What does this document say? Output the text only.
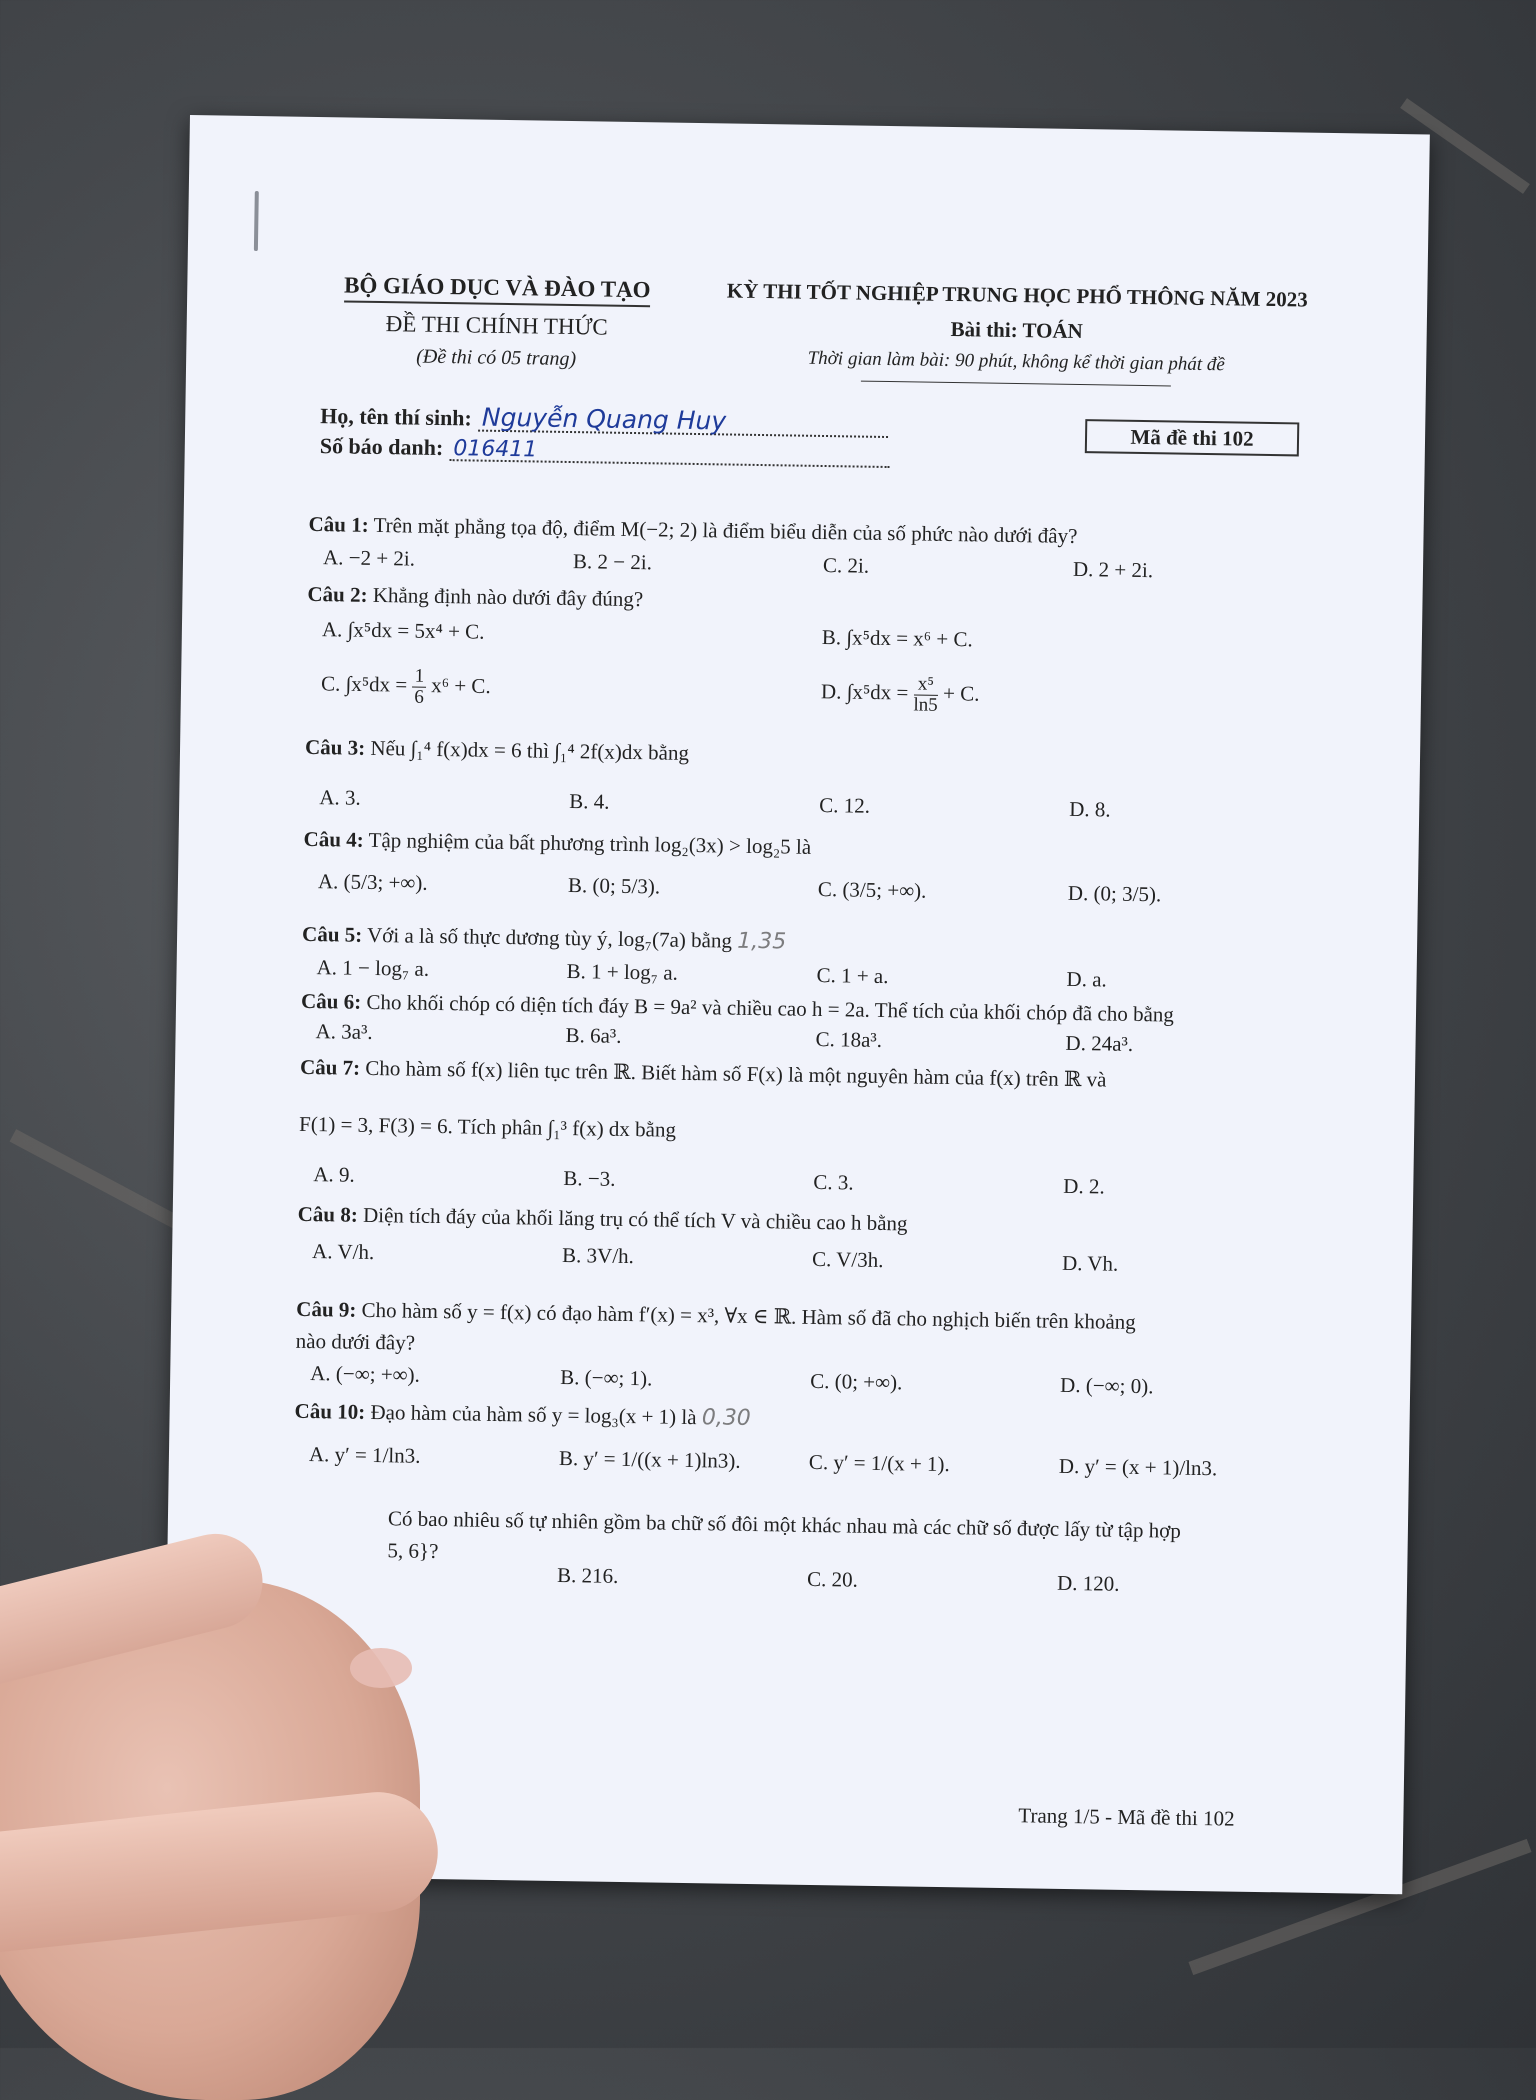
BỘ GIÁO DỤC VÀ ĐÀO TẠO
ĐỀ THI CHÍNH THỨC
(Đề thi có 05 trang)
KỲ THI TỐT NGHIỆP TRUNG HỌC PHỔ THÔNG NĂM 2023
Bài thi: TOÁN
Thời gian làm bài: 90 phút, không kể thời gian phát đề
Họ, tên thí sinh: Nguyễn Quang Huy
Số báo danh: 016411	Mã đề thi 102
Câu 1: Trên mặt phẳng tọa độ, điểm M(−2; 2) là điểm biểu diễn của số phức nào dưới đây?
A. −2 + 2i.	B. 2 − 2i.	C. 2i.	D. 2 + 2i.
Câu 2: Khẳng định nào dưới đây đúng?
A. ∫x⁵dx = 5x⁴ + C.	B. ∫x⁵dx = x⁶ + C.
C. $\int x^5dx = \frac{1}{6} x^6 + C$.	D. $\int x^5dx = \frac{\text{x⁵}}{\ln 5} + C$.
Câu 3: Nếu ∫₁⁴ f(x)dx = 6 thì ∫₁⁴ 2f(x)dx bằng
A. 3.	B. 4.	C. 12.	D. 8.
Câu 4: Tập nghiệm của bất phương trình log₂(3x) > log₂5 là
A. (5/3; +∞).	B. (0; 5/3).	C. (3/5; +∞).	D. (0; 3/5).
Câu 5: Với a là số thực dương tùy ý, log₇(7a) bằng 1,35
A. 1 − log₇ a.	B. 1 + log₇ a.	C. 1 + a.	D. a.
Câu 6: Cho khối chóp có diện tích đáy B = 9a² và chiều cao h = 2a. Thể tích của khối chóp đã cho bằng
A. 3a³.	B. 6a³.	C. 18a³.	D. 24a³.
Câu 7: Cho hàm số f(x) liên tục trên ℝ. Biết hàm số F(x) là một nguyên hàm của f(x) trên ℝ và
F(1) = 3, F(3) = 6. Tích phân ∫₁³ f(x) dx bằng
A. 9.	B. −3.	C. 3.	D. 2.
Câu 8: Diện tích đáy của khối lăng trụ có thể tích V và chiều cao h bằng
A. V/h.	B. 3V/h.	C. V/3h.	D. Vh.
Câu 9: Cho hàm số y = f(x) có đạo hàm f′(x) = x³, ∀x ∈ ℝ. Hàm số đã cho nghịch biến trên khoảng
nào dưới đây?
A. (−∞; +∞).	B. (−∞; 1).	C. (0; +∞).	D. (−∞; 0).
Câu 10: Đạo hàm của hàm số y = log₃(x + 1) là 0,30
A. y′ = 1/ln3.	B. y′ = 1/((x + 1)ln3).	C. y′ = 1/(x + 1).	D. y′ = (x + 1)/ln3.
Có bao nhiêu số tự nhiên gồm ba chữ số đôi một khác nhau mà các chữ số được lấy từ tập hợp
5, 6}?
B. 216.	C. 20.	D. 120.
Trang 1/5 - Mã đề thi 102
